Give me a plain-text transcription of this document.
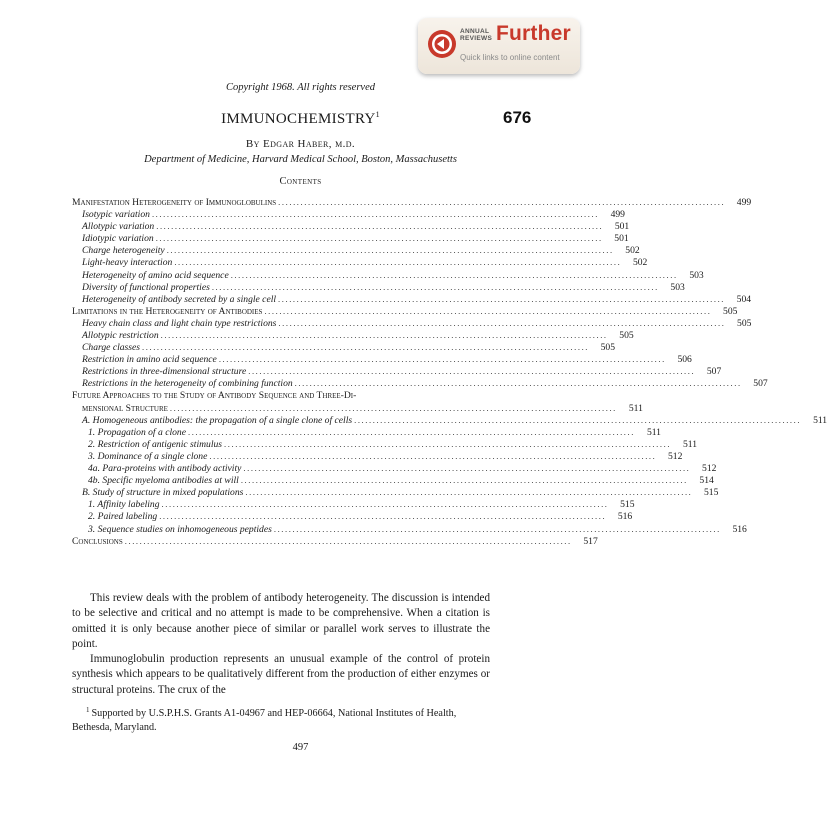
ANNUAL
REVIEWS Further
Quick links to online content
Copyright 1968. All rights reserved
676
IMMUNOCHEMISTRY$^1$
By Edgar Haber, m.d.
Department of Medicine, Harvard Medical School, Boston, Massachusetts
Contents
Manifestation Heterogeneity of Immunoglobulins ........................................................................................................................	499
Isotypic variation ........................................................................................................................	499
Allotypic variation ........................................................................................................................	501
Idiotypic variation ........................................................................................................................	501
Charge heterogeneity ........................................................................................................................	502
Light-heavy interaction ........................................................................................................................	502
Heterogeneity of amino acid sequence ........................................................................................................................	503
Diversity of functional properties ........................................................................................................................	503
Heterogeneity of antibody secreted by a single cell ........................................................................................................................	504
Limitations in the Heterogeneity of Antibodies ........................................................................................................................	505
Heavy chain class and light chain type restrictions ........................................................................................................................	505
Allotypic restriction ........................................................................................................................	505
Charge classes ........................................................................................................................	505
Restriction in amino acid sequence ........................................................................................................................	506
Restrictions in three-dimensional structure ........................................................................................................................	507
Restrictions in the heterogeneity of combining function ........................................................................................................................	507
Future Approaches to the Study of Antibody Sequence and Three-Di-
mensional Structure ........................................................................................................................	511
A. Homogeneous antibodies: the propagation of a single clone of cells ........................................................................................................................	511
1. Propagation of a clone ........................................................................................................................	511
2. Restriction of antigenic stimulus ........................................................................................................................	511
3. Dominance of a single clone ........................................................................................................................	512
4a. Para-proteins with antibody activity ........................................................................................................................	512
4b. Specific myeloma antibodies at will ........................................................................................................................	514
B. Study of structure in mixed populations ........................................................................................................................	515
1. Affinity labeling ........................................................................................................................	515
2. Paired labeling ........................................................................................................................	516
3. Sequence studies on inhomogeneous peptides ........................................................................................................................	516
Conclusions ........................................................................................................................	517

This review deals with the problem of antibody heterogeneity. The discussion is intended to be selective and critical and no attempt is made to be comprehensive. When a citation is omitted it is only because another piece of similar or parallel work serves to illustrate the point.

Immunoglobulin production represents an unusual example of the control of protein synthesis which appears to be qualitatively different from the production of either enzymes or structural proteins. The crux of the

$^1$ Supported by U.S.P.H.S. Grants A1-04967 and HEP-06664, National Institutes of Health, Bethesda, Maryland.
497
